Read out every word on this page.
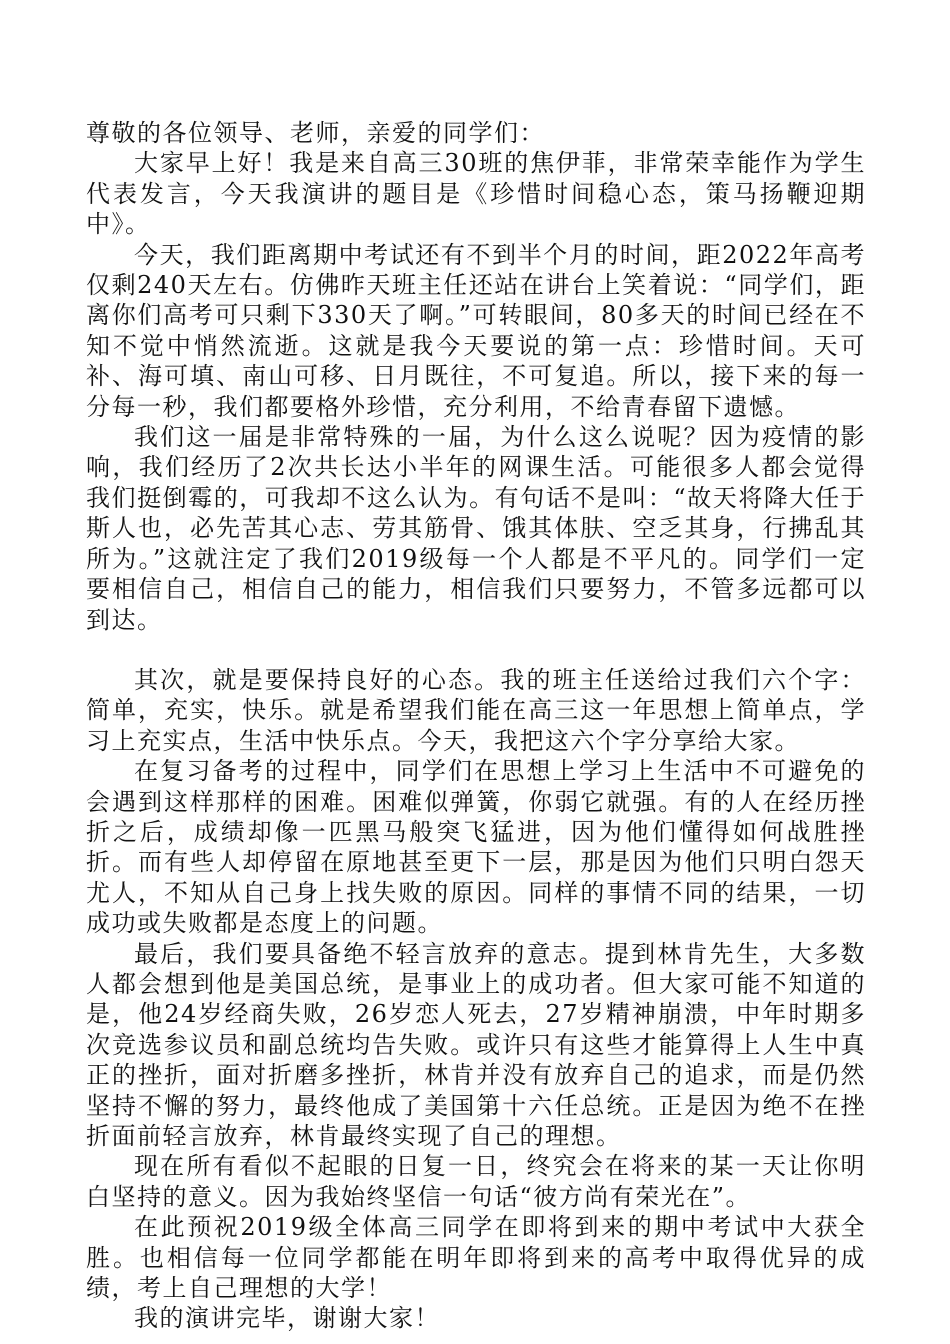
尊敬的各位领导、老师，亲爱的同学们：

大家早上好！我是来自高三30班的焦伊菲，非常荣幸能作为学生代表发言，今天我演讲的题目是《珍惜时间稳心态，策马扬鞭迎期中》。

今天，我们距离期中考试还有不到半个月的时间，距2022年高考仅剩240天左右。仿佛昨天班主任还站在讲台上笑着说：“同学们，距离你们高考可只剩下330天了啊。”可转眼间，80多天的时间已经在不知不觉中悄然流逝。这就是我今天要说的第一点：珍惜时间。天可补、海可填、南山可移、日月既往，不可复追。所以，接下来的每一分每一秒，我们都要格外珍惜，充分利用，不给青春留下遗憾。

我们这一届是非常特殊的一届，为什么这么说呢？因为疫情的影响，我们经历了2次共长达小半年的网课生活。可能很多人都会觉得我们挺倒霉的，可我却不这么认为。有句话不是叫：“故天将降大任于斯人也，必先苦其心志、劳其筋骨、饿其体肤、空乏其身，行拂乱其所为。”这就注定了我们2019级每一个人都是不平凡的。同学们一定要相信自己，相信自己的能力，相信我们只要努力，不管多远都可以到达。

其次，就是要保持良好的心态。我的班主任送给过我们六个字：简单，充实，快乐。就是希望我们能在高三这一年思想上简单点，学习上充实点，生活中快乐点。今天，我把这六个字分享给大家。

在复习备考的过程中，同学们在思想上学习上生活中不可避免的会遇到这样那样的困难。困难似弹簧，你弱它就强。有的人在经历挫折之后，成绩却像一匹黑马般突飞猛进，因为他们懂得如何战胜挫折。而有些人却停留在原地甚至更下一层，那是因为他们只明白怨天尤人，不知从自己身上找失败的原因。同样的事情不同的结果，一切成功或失败都是态度上的问题。

最后，我们要具备绝不轻言放弃的意志。提到林肯先生，大多数人都会想到他是美国总统，是事业上的成功者。但大家可能不知道的是，他24岁经商失败，26岁恋人死去，27岁精神崩溃，中年时期多次竞选参议员和副总统均告失败。或许只有这些才能算得上人生中真正的挫折，面对折磨多挫折，林肯并没有放弃自己的追求，而是仍然坚持不懈的努力，最终他成了美国第十六任总统。正是因为绝不在挫折面前轻言放弃，林肯最终实现了自己的理想。

现在所有看似不起眼的日复一日，终究会在将来的某一天让你明白坚持的意义。因为我始终坚信一句话“彼方尚有荣光在”。

在此预祝2019级全体高三同学在即将到来的期中考试中大获全胜。也相信每一位同学都能在明年即将到来的高考中取得优异的成绩，考上自己理想的大学！

我的演讲完毕，谢谢大家！
